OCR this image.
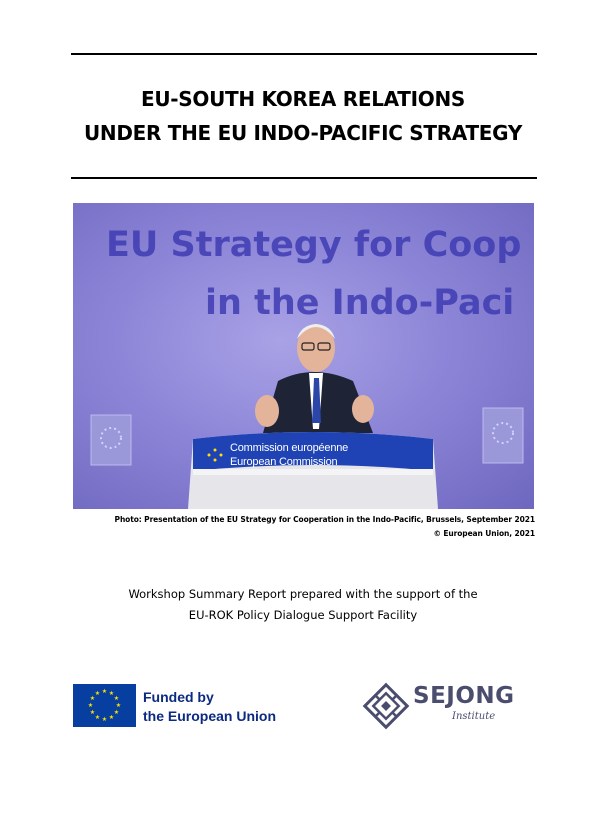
EU-SOUTH KOREA RELATIONS
UNDER THE EU INDO-PACIFIC STRATEGY
EU Strategy for Coop
in the Indo-Paci
Commission européenne
European Commission
Photo: Presentation of the EU Strategy for Cooperation in the Indo-Pacific, Brussels, September 2021
© European Union, 2021
Workshop Summary Report prepared with the support of the
EU-ROK Policy Dialogue Support Facility
★ ★
★
★
★
★
★
★
★
★
★
★	Funded by
the European Union
SEJONG
Institute
